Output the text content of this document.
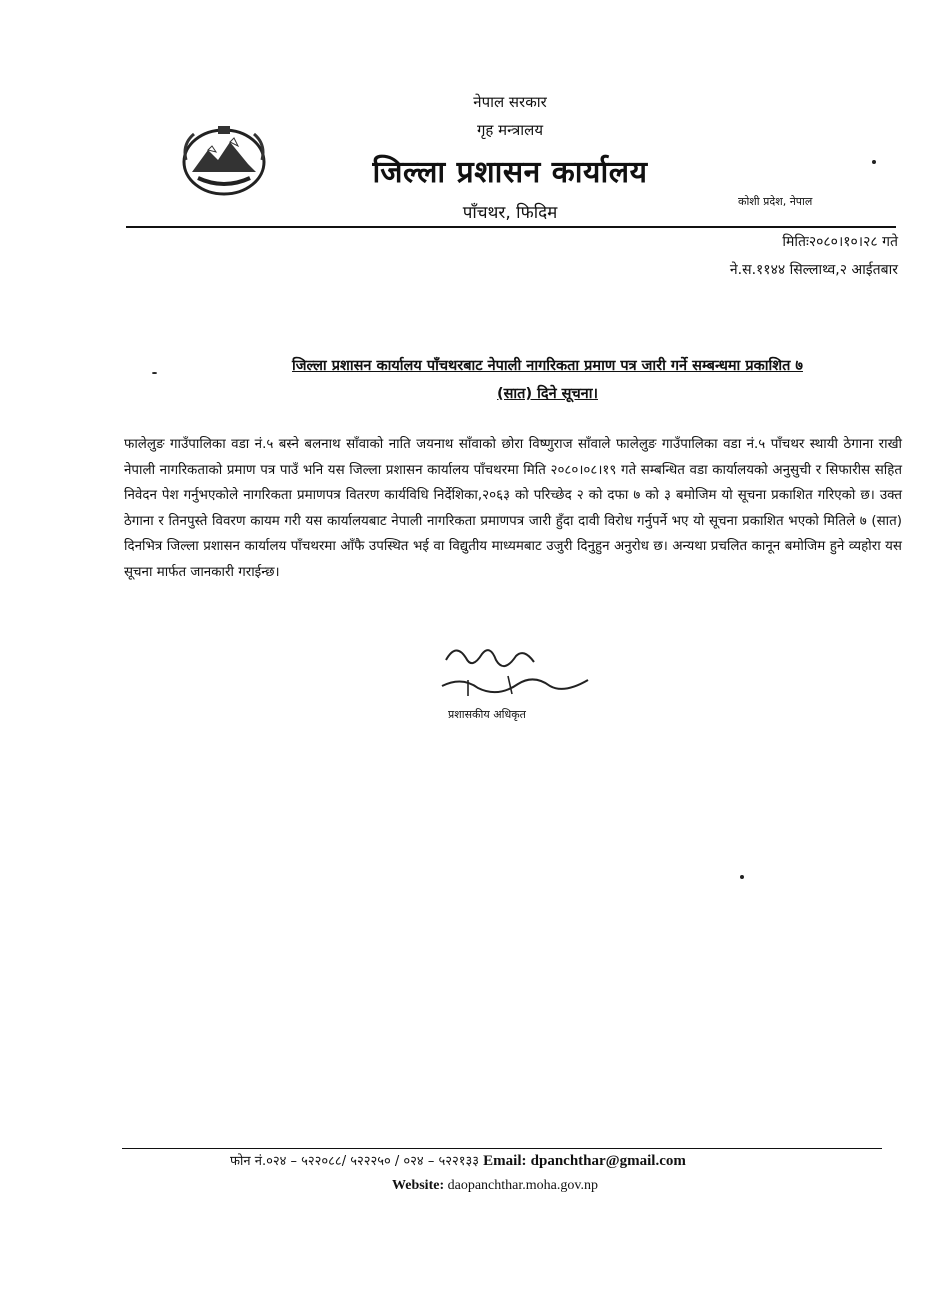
नेपाल सरकार
गृह मन्त्रालय
जिल्ला प्रशासन कार्यालय
पाँचथर, फिदिम
कोशी प्रदेश, नेपाल
मितिः२०८०।१०।२८ गते
ने.स.११४४ सिल्लाथ्व,२ आईतबार
जिल्ला प्रशासन कार्यालय पाँचथरबाट नेपाली नागरिकता प्रमाण पत्र जारी गर्ने सम्बन्धमा प्रकाशित ७
(सात) दिने सूचना।
फालेलुङ गाउँपालिका वडा नं.५ बस्ने बलनाथ साँवाको नाति जयनाथ साँवाको छोरा विष्णुराज साँवाले फालेलुङ गाउँपालिका वडा नं.५ पाँचथर स्थायी ठेगाना राखी नेपाली नागरिकताको प्रमाण पत्र पाउँ भनि यस जिल्ला प्रशासन कार्यालय पाँचथरमा मिति २०८०।०८।१९ गते सम्बन्धित वडा कार्यालयको अनुसुची र सिफारीस सहित निवेदन पेश गर्नुभएकोले नागरिकता प्रमाणपत्र वितरण कार्यविधि निर्देशिका,२०६३ को परिच्छेद २ को दफा ७ को ३ बमोजिम यो सूचना प्रकाशित गरिएको छ। उक्त ठेगाना र तिनपुस्ते विवरण कायम गरी यस कार्यालयबाट नेपाली नागरिकता प्रमाणपत्र जारी हुँदा दावी विरोध गर्नुपर्ने भए यो सूचना प्रकाशित भएको मितिले ७ (सात) दिनभित्र जिल्ला प्रशासन कार्यालय पाँचथरमा आँफै उपस्थित भई वा विद्युतीय माध्यमबाट उजुरी दिनुहुन अनुरोध छ। अन्यथा प्रचलित कानून बमोजिम हुने व्यहोरा यस सूचना मार्फत जानकारी गराईन्छ।
प्रशासकीय अधिकृत
फोन नं.०२४ – ५२२०८८/ ५२२२५० / ०२४ – ५२२१३३ Email: dpanchthar@gmail.com
Website: daopanchthar.moha.gov.np
